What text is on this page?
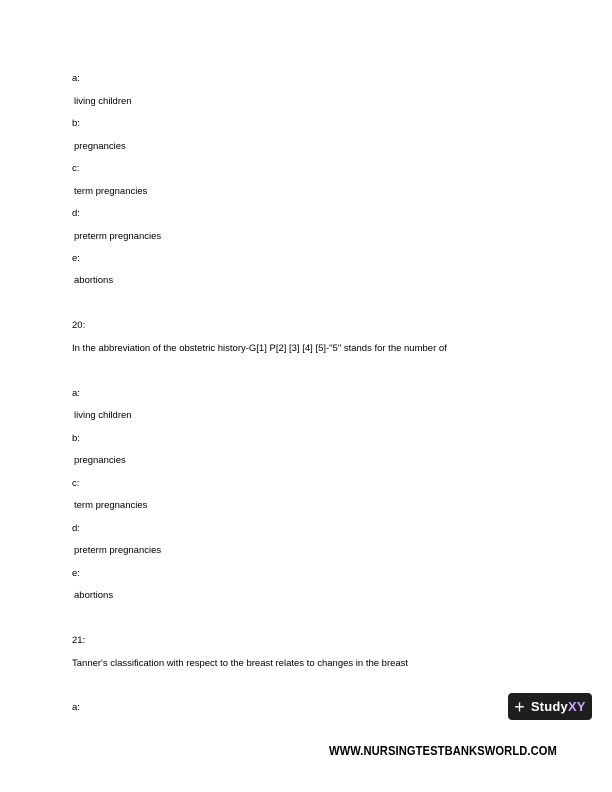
a:
living children
b:
pregnancies
c:
term pregnancies
d:
preterm pregnancies
e:
abortions
20:
In the abbreviation of the obstetric history-G[1] P[2] [3] [4] [5]-"5" stands for the number of
a:
living children
b:
pregnancies
c:
term pregnancies
d:
preterm pregnancies
e:
abortions
21:
Tanner's classification with respect to the breast relates to changes in the breast
a:	+ StudyXY
WWW.NURSINGTESTBANKSWORLD.COM
